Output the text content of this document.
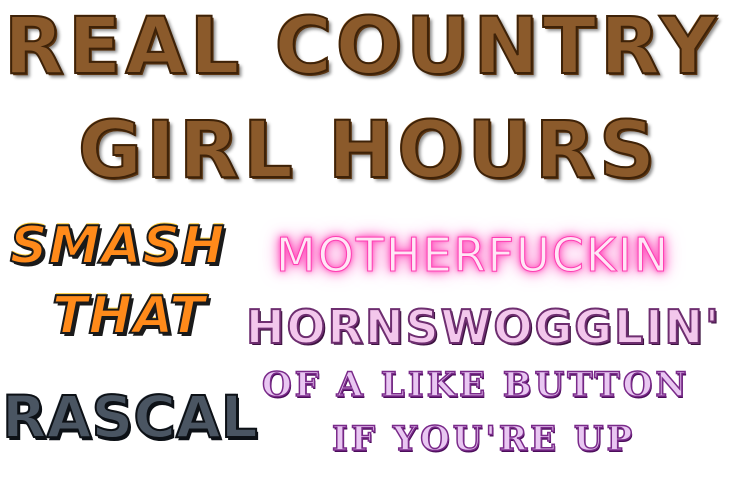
REAL COUNTRY
GIRL HOURS
SMASH
THAT
RASCAL
MOTHERFUCKIN
HORNSWOGGLIN'
OF A LIKE BUTTON
IF YOU'RE UP
